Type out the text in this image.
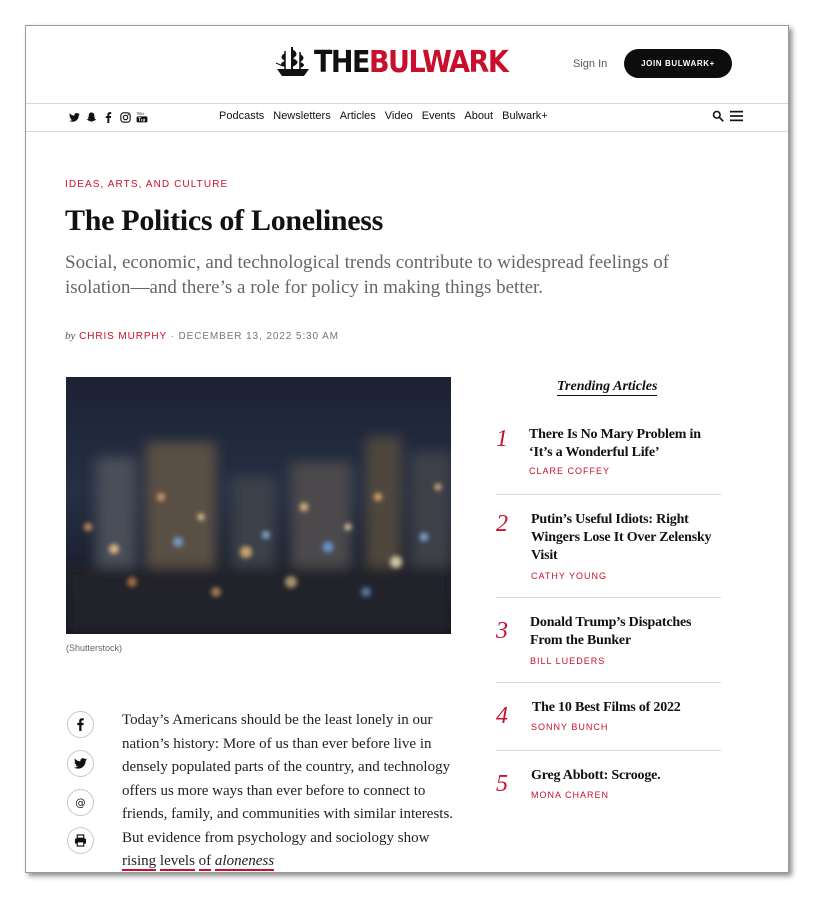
THEBULWARK	Sign In	JOIN BULWARK+
You	Podcasts Newsletters Articles Video Events About Bulwark+
IDEAS, ARTS, AND CULTURE
The Politics of Loneliness

Social, economic, and technological trends contribute to widespread feelings of isolation—and there’s a role for policy in making things better.

by CHRIS MURPHY · DECEMBER 13, 2022 5:30 AM
(Shutterstock)
@

Today’s Americans should be the least lonely in our nation’s history: More of us than ever before live in densely populated parts of the country, and technology offers us more ways than ever before to connect to friends, family, and communities with similar interests. But evidence from psychology and sociology show rising levels of aloneness

Trending Articles
1 There Is No Mary Problem in ‘It’s a Wonderful Life’
CLARE COFFEY
2 Putin’s Useful Idiots: Right Wingers Lose It Over Zelensky Visit
CATHY YOUNG
3 Donald Trump’s Dispatches From the Bunker
BILL LUEDERS
4 The 10 Best Films of 2022
SONNY BUNCH
5 Greg Abbott: Scrooge.
MONA CHAREN
